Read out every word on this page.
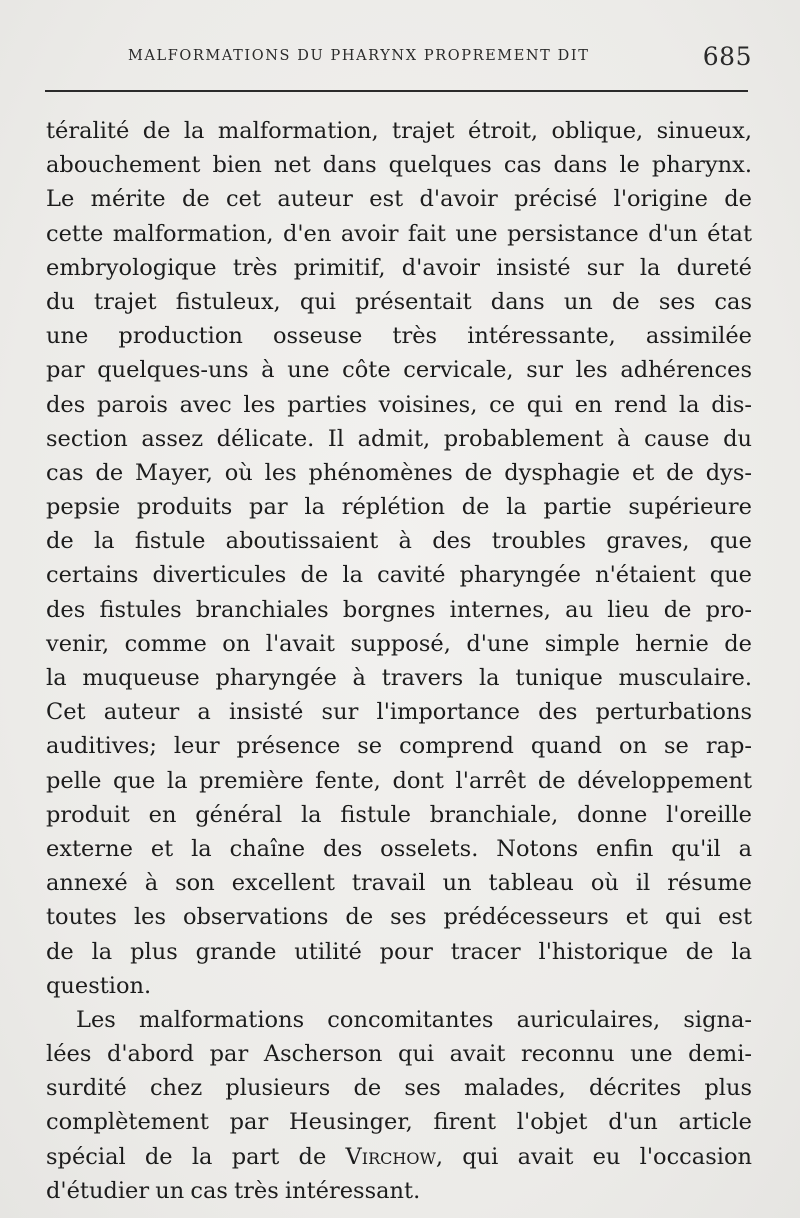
MALFORMATIONS DU PHARYNX PROPREMENT DIT	685
téralité de la malformation, trajet étroit, oblique, sinueux,
abouchement bien net dans quelques cas dans le pharynx.
Le mérite de cet auteur est d'avoir précisé l'origine de
cette malformation, d'en avoir fait une persistance d'un état
embryologique très primitif, d'avoir insisté sur la dureté
du trajet fistuleux, qui présentait dans un de ses cas
une production osseuse très intéressante, assimilée
par quelques-uns à une côte cervicale, sur les adhérences
des parois avec les parties voisines, ce qui en rend la dis-
section assez délicate. Il admit, probablement à cause du
cas de Mayer, où les phénomènes de dysphagie et de dys-
pepsie produits par la réplétion de la partie supérieure
de la fistule aboutissaient à des troubles graves, que
certains diverticules de la cavité pharyngée n'étaient que
des fistules branchiales borgnes internes, au lieu de pro-
venir, comme on l'avait supposé, d'une simple hernie de
la muqueuse pharyngée à travers la tunique musculaire.
Cet auteur a insisté sur l'importance des perturbations
auditives; leur présence se comprend quand on se rap-
pelle que la première fente, dont l'arrêt de développement
produit en général la fistule branchiale, donne l'oreille
externe et la chaîne des osselets. Notons enfin qu'il a
annexé à son excellent travail un tableau où il résume
toutes les observations de ses prédécesseurs et qui est
de la plus grande utilité pour tracer l'historique de la
question.
Les malformations concomitantes auriculaires, signa-
lées d'abord par Ascherson qui avait reconnu une demi-
surdité chez plusieurs de ses malades, décrites plus
complètement par Heusinger, firent l'objet d'un article
spécial de la part de Virchow, qui avait eu l'occasion
d'étudier un cas très intéressant.
